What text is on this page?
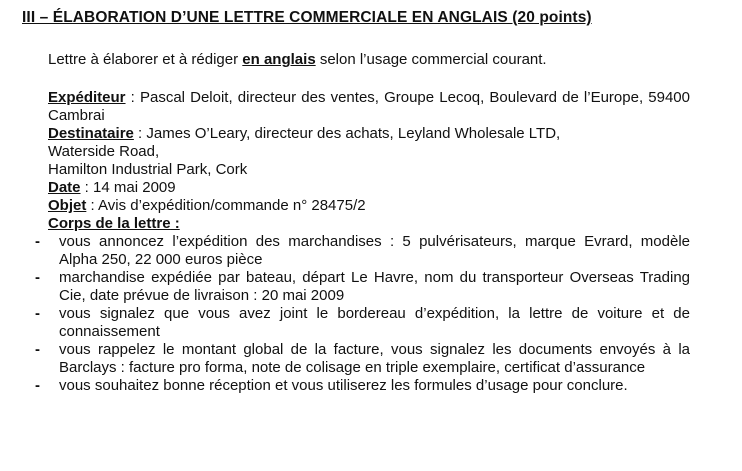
III – ÉLABORATION D’UNE LETTRE COMMERCIALE EN ANGLAIS (20 points)

Lettre à élaborer et à rédiger en anglais selon l’usage commercial courant.

Expéditeur : Pascal Deloit, directeur des ventes, Groupe Lecoq, Boulevard de l’Europe, 59400 Cambrai

Destinataire : James O’Leary, directeur des achats, Leyland Wholesale LTD,

Waterside Road,

Hamilton Industrial Park, Cork

Date : 14 mai 2009

Objet : Avis d’expédition/commande n° 28475/2

Corps de la lettre :

- vous annoncez l’expédition des marchandises : 5 pulvérisateurs, marque Evrard, modèle Alpha 250, 22 000 euros pièce
- marchandise expédiée par bateau, départ Le Havre, nom du transporteur Overseas Trading Cie, date prévue de livraison : 20 mai 2009
- vous signalez que vous avez joint le bordereau d’expédition, la lettre de voiture et de connaissement
- vous rappelez le montant global de la facture, vous signalez les documents envoyés à la Barclays : facture pro forma, note de colisage en triple exemplaire, certificat d’assurance
- vous souhaitez bonne réception et vous utiliserez les formules d’usage pour conclure.
